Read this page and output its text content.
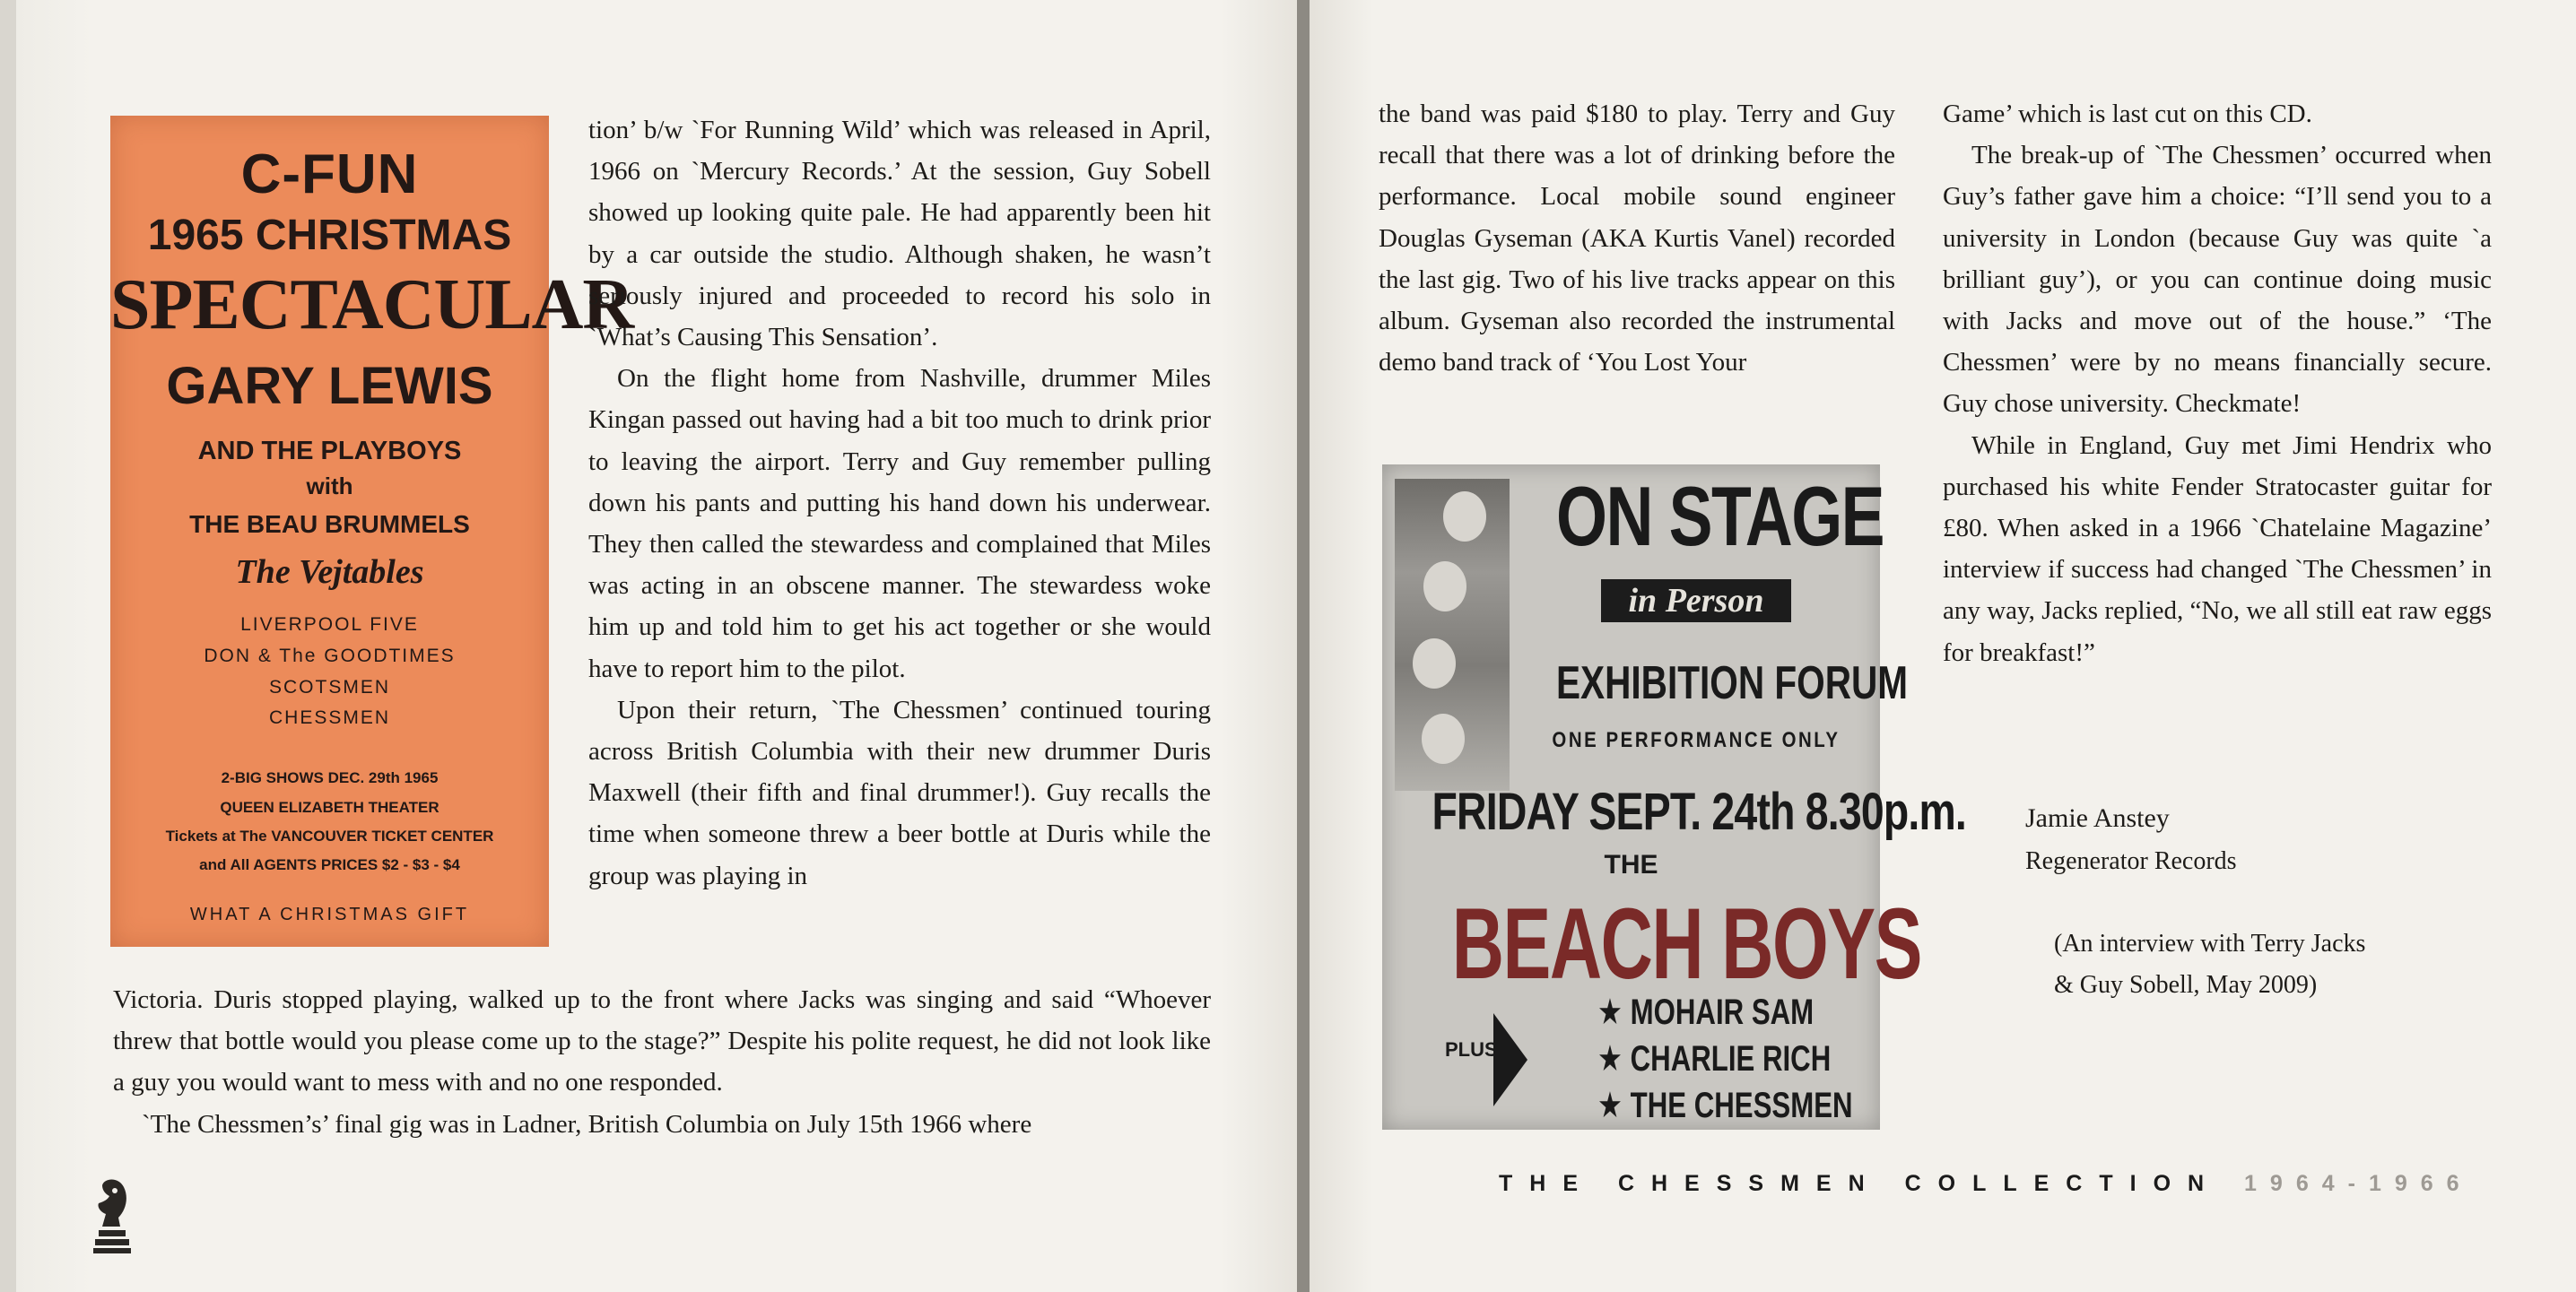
C-FUN
1965 CHRISTMAS
SPECTACULAR
GARY LEWIS
AND THE PLAYBOYS
with
THE BEAU BRUMMELS
The Vejtables
LIVERPOOL FIVE
DON & The GOODTIMES
SCOTSMEN
CHESSMEN
2-BIG SHOWS DEC. 29th 1965
QUEEN ELIZABETH THEATER
Tickets at The VANCOUVER TICKET CENTER
and All AGENTS PRICES $2 - $3 - $4
WHAT A CHRISTMAS GIFT

tion’ b/w `For Running Wild’ which was released in April, 1966 on `Mercury Records.’ At the session, Guy Sobell showed up looking quite pale. He had apparently been hit by a car outside the studio. Although shaken, he wasn’t seriously injured and proceeded to record his solo in `What’s Causing This Sensation’.

On the flight home from Nashville, drummer Miles Kingan passed out having had a bit too much to drink prior to leaving the airport. Terry and Guy remember pulling down his pants and putting his hand down his underwear. They then called the stewardess and complained that Miles was acting in an obscene manner. The stewardess woke him up and told him to get his act together or she would have to report him to the pilot.

Upon their return, `The Chessmen’ continued touring across British Columbia with their new drummer Duris Maxwell (their fifth and final drummer!). Guy recalls the time when someone threw a beer bottle at Duris while the group was playing in

Victoria. Duris stopped playing, walked up to the front where Jacks was singing and said “Whoever threw that bottle would you please come up to the stage?” Despite his polite request, he did not look like a guy you would want to mess with and no one responded.

`The Chessmen’s’ final gig was in Ladner, British Columbia on July 15th 1966 where

the band was paid $180 to play. Terry and Guy recall that there was a lot of drinking before the performance. Local mobile sound engineer Douglas Gyseman (AKA Kurtis Vanel) recorded the last gig. Two of his live tracks appear on this album. Gyseman also recorded the instrumental demo band track of ‘You Lost Your

ON STAGE
in Person
EXHIBITION FORUM
ONE PERFORMANCE ONLY
FRIDAY SEPT. 24th 8.30p.m.
THE
BEACH BOYS
PLUS
★ MOHAIR SAM
★ CHARLIE RICH
★ THE CHESSMEN

Game’ which is last cut on this CD.

The break-up of `The Chessmen’ occurred when Guy’s father gave him a choice: “I’ll send you to a university in London (because Guy was quite `a brilliant guy’), or you can continue doing music with Jacks and move out of the house.” ‘The Chessmen’ were by no means financially secure. Guy chose university. Checkmate!

While in England, Guy met Jimi Hendrix who purchased his white Fender Stratocaster guitar for £80. When asked in a 1966 `Chatelaine Magazine’ interview if success had changed `The Chessmen’ in any way, Jacks replied, “No, we all still eat raw eggs for breakfast!”

Jamie Anstey
Regenerator Records
(An interview with Terry Jacks
& Guy Sobell, May 2009)
THE CHESSMEN COLLECTION 1964-1966
